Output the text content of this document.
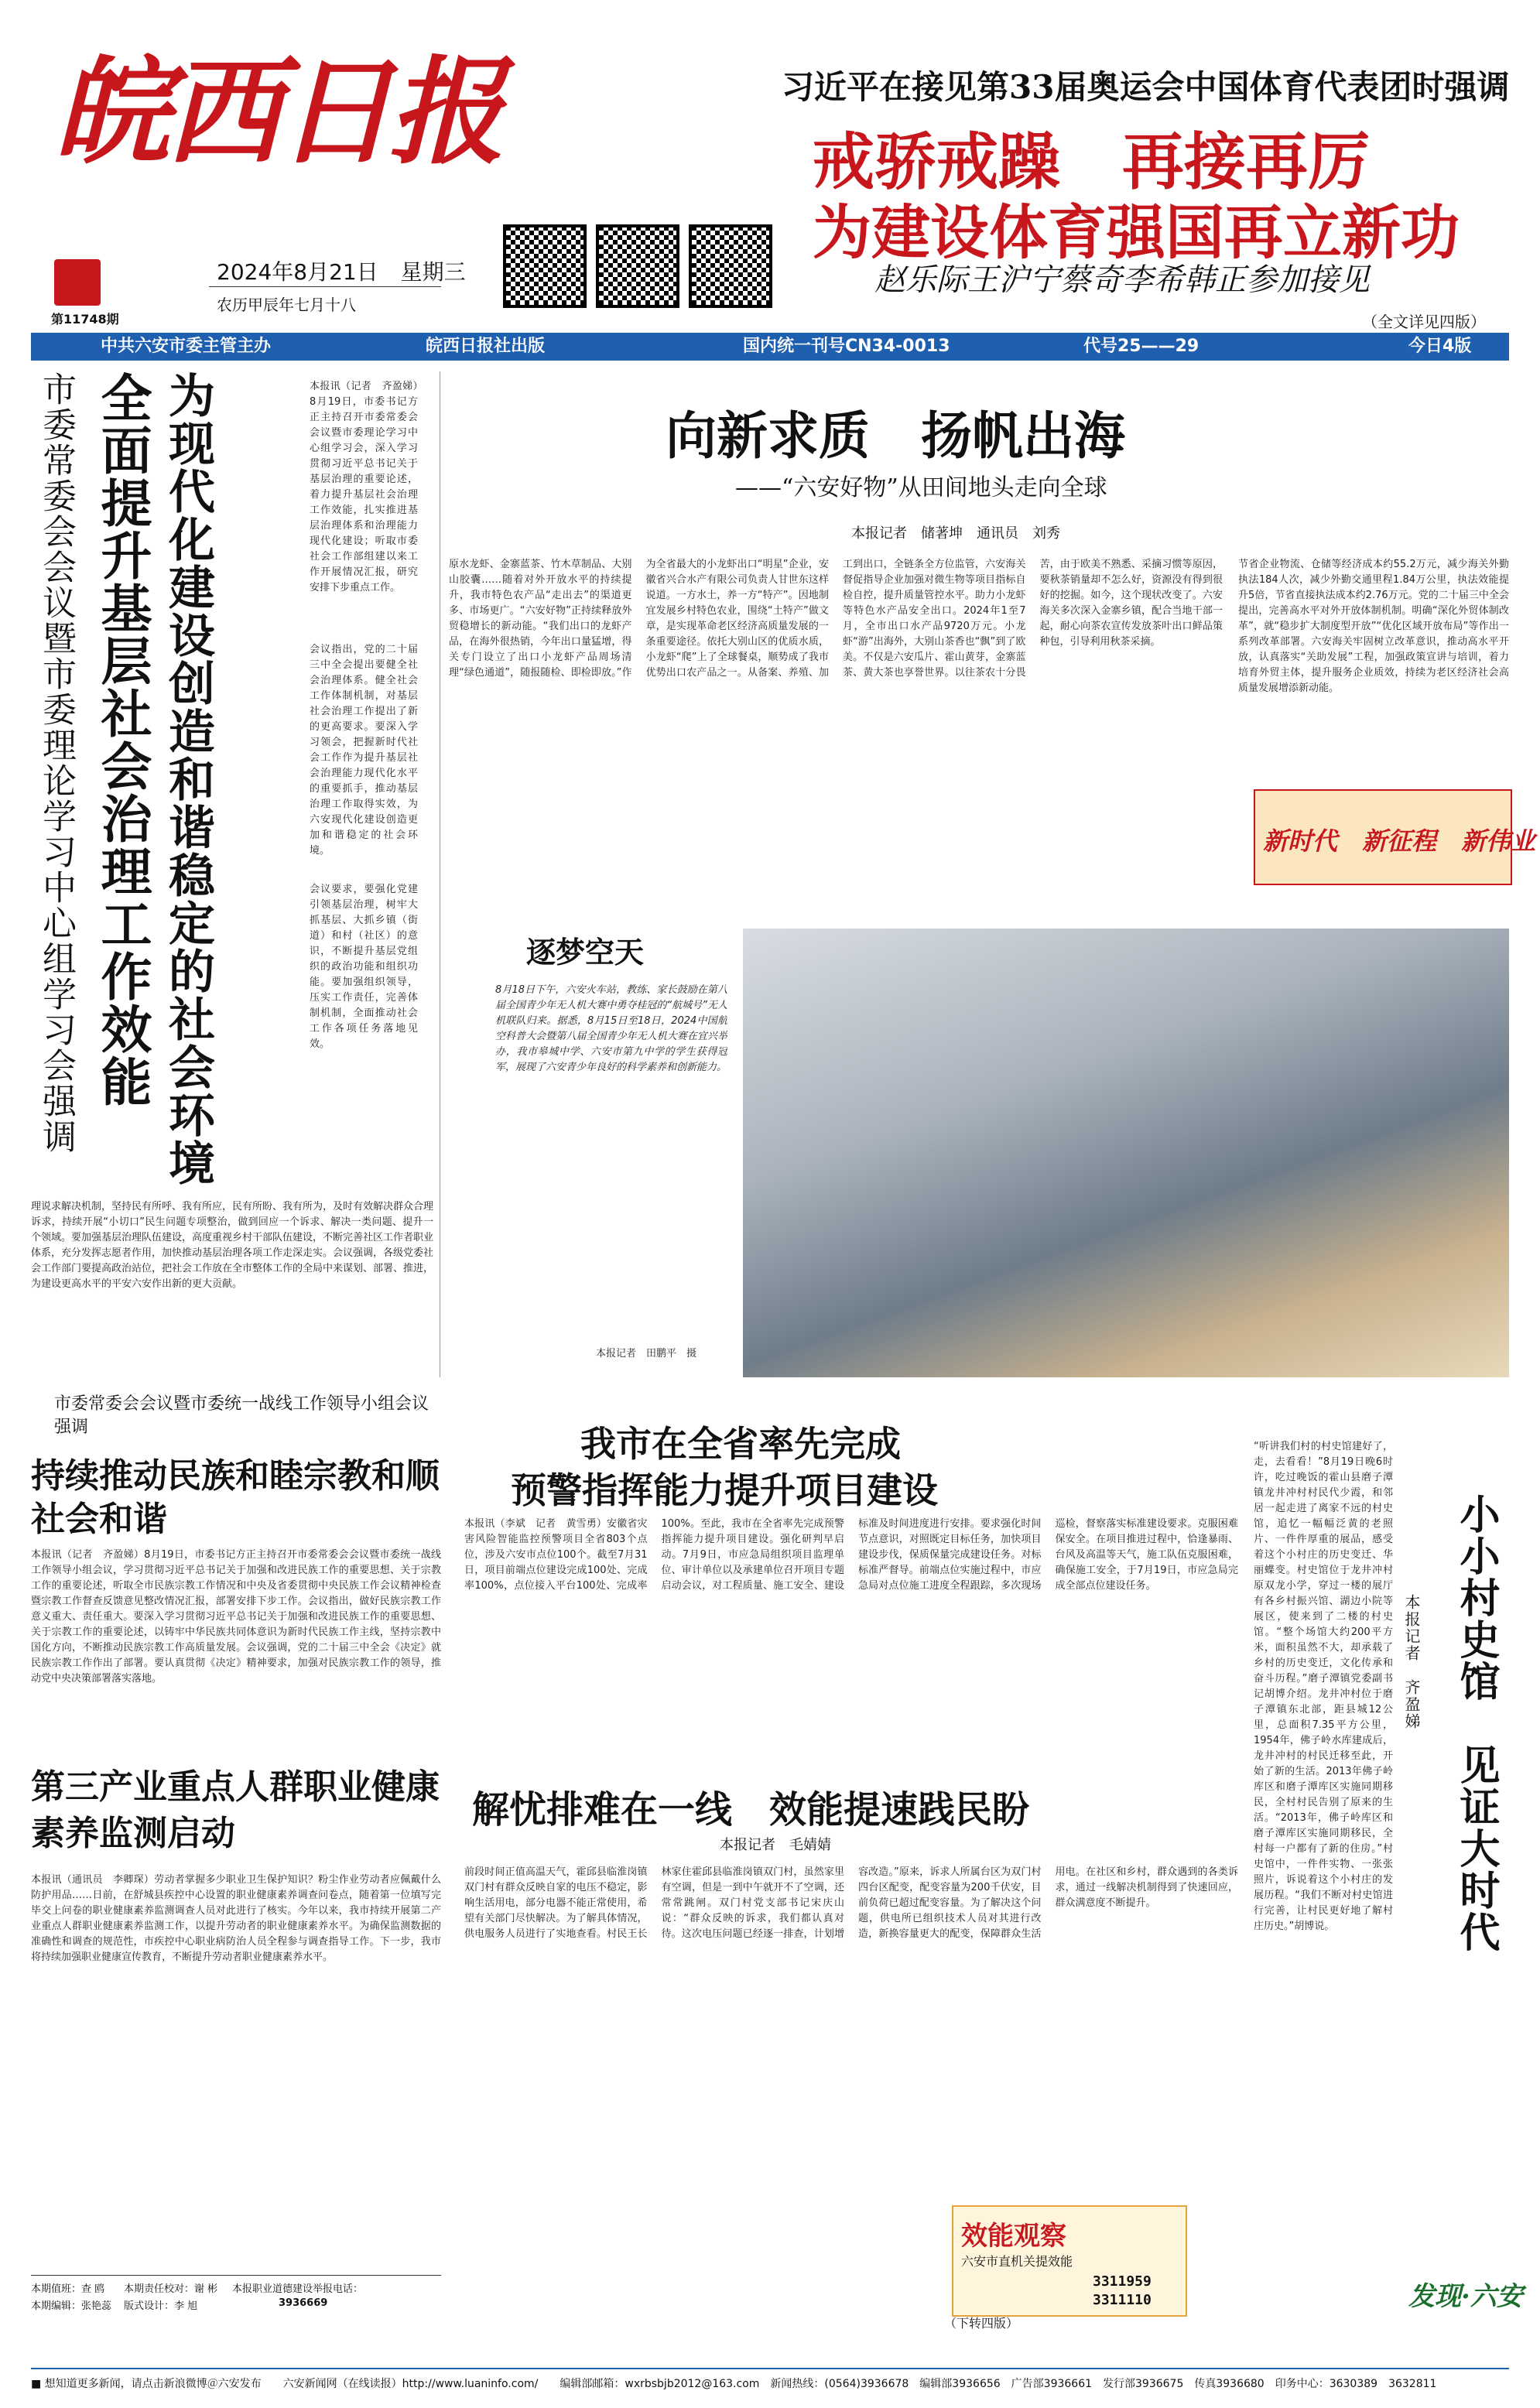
皖西日报
第11748期
2024年8月21日 星期三
农历甲辰年七月十八
习近平在接见第33届奥运会中国体育代表团时强调
戒骄戒躁　再接再厉
为建设体育强国再立新功
赵乐际王沪宁蔡奇李希韩正参加接见
（全文详见四版）
中共六安市委主管主办	皖西日报社出版	国内统一刊号CN34-0013	代号25——29	今日4版
市委常委会会议暨市委理论学习中心组学习会强调 全面提升基层社会治理工作效能 为现代化建设创造和谐稳定的社会环境	本报讯（记者　齐盈娣）8月19日，市委书记方正主持召开市委常委会会议暨市委理论学习中心组学习会，深入学习贯彻习近平总书记关于基层治理的重要论述，着力提升基层社会治理工作效能，扎实推进基层治理体系和治理能力现代化建设；听取市委社会工作部组建以来工作开展情况汇报，研究安排下步重点工作。
会议指出，党的二十届三中全会提出要健全社会治理体系。健全社会工作体制机制，对基层社会治理工作提出了新的更高要求。要深入学习领会，把握新时代社会工作作为提升基层社会治理能力现代化水平的重要抓手，推动基层治理工作取得实效，为六安现代化建设创造更加和谐稳定的社会环境。
会议要求，要强化党建引领基层治理，树牢大抓基层、大抓乡镇（街道）和村（社区）的意识，不断提升基层党组织的政治功能和组织功能。要加强组织领导，压实工作责任，完善体制机制，全面推动社会工作各项任务落地见效。
理说求解决机制，坚持民有所呼、我有所应，民有所盼、我有所为，及时有效解决群众合理诉求，持续开展“小切口”民生问题专项整治，做到回应一个诉求、解决一类问题、提升一个领域。要加强基层治理队伍建设，高度重视乡村干部队伍建设，不断完善社区工作者职业体系，充分发挥志愿者作用，加快推动基层治理各项工作走深走实。会议强调，各级党委社会工作部门要提高政治站位，把社会工作放在全市整体工作的全局中来谋划、部署、推进，为建设更高水平的平安六安作出新的更大贡献。
向新求质　扬帆出海
——“六安好物”从田间地头走向全球
本报记者　储著坤　通讯员　刘秀
原水龙虾、金寨蓝茶、竹木草制品、大别山胶囊……随着对外开放水平的持续提升，我市特色农产品“走出去”的渠道更多、市场更广。“六安好物”正持续释放外贸稳增长的新动能。“我们出口的龙虾产品，在海外很热销，今年出口量猛增，得关专门设立了出口小龙虾产品周场清理“绿色通道”，随报随检、即检即放。”作为全省最大的小龙虾出口“明星”企业，安徽省兴合水产有限公司负责人甘世东这样说道。一方水土，养一方“特产”。因地制宜发展乡村特色农业，围绕“土特产”做文章，是实现革命老区经济高质量发展的一条重要途径。依托大别山区的优质水质，小龙虾“爬”上了全球餐桌，顺势成了我市优势出口农产品之一。从备案、养殖、加工到出口，全链条全方位监管，六安海关督促指导企业加强对微生物等项目指标自检自控，提升质量管控水平。助力小龙虾等特色水产品安全出口。2024年1至7月，全市出口水产品9720万元。小龙虾“游”出海外，大别山茶香也“飘”到了欧美。不仅是六安瓜片、霍山黄芽，金寨蓝茶、黄大茶也享誉世界。以往茶农十分畏苦，由于欧美不熟悉、采摘习惯等原因，要秋茶销量却不怎么好，资源没有得到很好的挖掘。如今，这个现状改变了。六安海关多次深入金寨乡镇，配合当地干部一起，耐心向茶农宣传发放茶叶出口鲜品策种包，引导利用秋茶采摘。
节省企业物流、仓储等经济成本约55.2万元，减少海关外勤执法184人次，减少外勤交通里程1.84万公里，执法效能提升5倍，节省直接执法成本约2.76万元。党的二十届三中全会提出，完善高水平对外开放体制机制。明确“深化外贸体制改革”，就“稳步扩大制度型开放”“优化区域开放布局”等作出一系列改革部署。六安海关牢固树立改革意识，推动高水平开放，认真落实“关助发展”工程，加强政策宣讲与培训，着力培育外贸主体，提升服务企业质效，持续为老区经济社会高质量发展增添新动能。
新时代　新征程　新伟业
逐梦空天
8月18日下午，六安火车站，教练、家长鼓励在第八届全国青少年无人机大赛中勇夺桂冠的“航城号”无人机联队归来。据悉，8月15日至18日，2024中国航空科普大会暨第八届全国青少年无人机大赛在宜兴举办，我市皋城中学、六安市第九中学的学生获得冠军，展现了六安青少年良好的科学素养和创新能力。
本报记者　田鹏平　摄
市委常委会会议暨市委统一战线工作领导小组会议强调
持续推动民族和睦宗教和顺社会和谐
本报讯（记者　齐盈娣）8月19日，市委书记方正主持召开市委常委会会议暨市委统一战线工作领导小组会议，学习贯彻习近平总书记关于加强和改进民族工作的重要思想、关于宗教工作的重要论述，听取全市民族宗教工作情况和中央及省委贯彻中央民族工作会议精神检查暨宗教工作督查反馈意见整改情况汇报，部署安排下步工作。会议指出，做好民族宗教工作意义重大、责任重大。要深入学习贯彻习近平总书记关于加强和改进民族工作的重要思想、关于宗教工作的重要论述，以铸牢中华民族共同体意识为新时代民族工作主线，坚持宗教中国化方向，不断推动民族宗教工作高质量发展。会议强调，党的二十届三中全会《决定》就民族宗教工作作出了部署。要认真贯彻《决定》精神要求，加强对民族宗教工作的领导，推动党中央决策部署落实落地。
第三产业重点人群职业健康素养监测启动
本报讯（通讯员　李卿琛）劳动者掌握多少职业卫生保护知识？粉尘作业劳动者应佩戴什么防护用品……日前，在舒城县疾控中心设置的职业健康素养调查问卷点，随着第一位填写完毕交上问卷的职业健康素养监测调查人员对此进行了核实。今年以来，我市持续开展第二产业重点人群职业健康素养监测工作，以提升劳动者的职业健康素养水平。为确保监测数据的准确性和调查的规范性，市疾控中心职业病防治人员全程参与调查指导工作。下一步，我市将持续加强职业健康宣传教育，不断提升劳动者职业健康素养水平。
本期值班：查 鸥
本期编辑：张艳蕊
本期责任校对：谢 彬
版式设计：李 旭
本报职业道德建设举报电话：
3936669
我市在全省率先完成
预警指挥能力提升项目建设
本报讯（李斌　记者　黄雪勇）安徽省灾害风险智能监控预警项目全省803个点位，涉及六安市点位100个。截至7月31日，项目前端点位建设完成100处、完成率100%，点位接入平台100处、完成率100%。至此，我市在全省率先完成预警指挥能力提升项目建设。强化研判早启动。7月9日，市应急局组织项目监理单位、审计单位以及承建单位召开项目专题启动会议，对工程质量、施工安全、建设标准及时间进度进行安排。要求强化时间节点意识，对照既定目标任务，加快项目建设步伐，保质保量完成建设任务。对标标准严督导。前端点位实施过程中，市应急局对点位施工进度全程跟踪，多次现场巡检，督察落实标准建设要求。克服困难保安全。在项目推进过程中，恰逢暴雨、台风及高温等天气，施工队伍克服困难，确保施工安全，于7月19日，市应急局完成全部点位建设任务。
解忧排难在一线　效能提速践民盼
本报记者　毛婧婧
前段时间正值高温天气，霍邱县临淮岗镇双门村有群众反映自家的电压不稳定，影响生活用电，部分电器不能正常使用，希望有关部门尽快解决。为了解具体情况，供电服务人员进行了实地查看。村民王长林家住霍邱县临淮岗镇双门村，虽然家里有空调，但是一到中午就开不了空调，还常常跳闸。双门村党支部书记宋庆山说：“群众反映的诉求，我们都认真对待。这次电压问题已经逐一排查，计划增容改造。”原来，诉求人所属台区为双门村四台区配变，配变容量为200千伏安，目前负荷已超过配变容量。为了解决这个问题，供电所已组织技术人员对其进行改造，新换容量更大的配变，保障群众生活用电。在社区和乡村，群众遇到的各类诉求，通过一线解决机制得到了快速回应，群众满意度不断提升。
效能观察
六安市直机关提效能
3311959
3311110
（下转四版）
小小村史馆　见证大时代
本报记者　齐盈娣
“听讲我们村的村史馆建好了，走，去看看！”8月19日晚6时许，吃过晚饭的霍山县磨子潭镇龙井冲村村民代少霞，和邻居一起走进了离家不远的村史馆，追忆一幅幅泛黄的老照片、一件件厚重的展品，感受着这个小村庄的历史变迁、华丽蝶变。村史馆位于龙井冲村原双龙小学，穿过一楼的展厅有各乡村振兴馆、湖边小院等展区，使来到了二楼的村史馆。“整个场馆大约200平方米，面积虽然不大，却承载了乡村的历史变迁，文化传承和奋斗历程。”磨子潭镇党委副书记胡博介绍。龙井冲村位于磨子潭镇东北部，距县城12公里，总面积7.35平方公里，1954年，佛子岭水库建成后，龙井冲村的村民迁移至此，开始了新的生活。2013年佛子岭库区和磨子潭库区实施同期移民，全村村民告别了原来的生活。“2013年，佛子岭库区和磨子潭库区实施同期移民，全村每一户都有了新的住房。”村史馆中，一件件实物、一张张照片，诉说着这个小村庄的发展历程。“我们不断对村史馆进行完善，让村民更好地了解村庄历史。”胡博说。
发现·六安
■ 想知道更多新闻，请点击新浪微博＠六安发布　　六安新闻网（在线读报）http://www.luaninfo.com/　　编辑部邮箱：wxrbsbjb2012@163.com　新闻热线：(0564)3936678　编辑部3936656　广告部3936661　发行部3936675　传真3936680　印务中心：3630389　3632811
